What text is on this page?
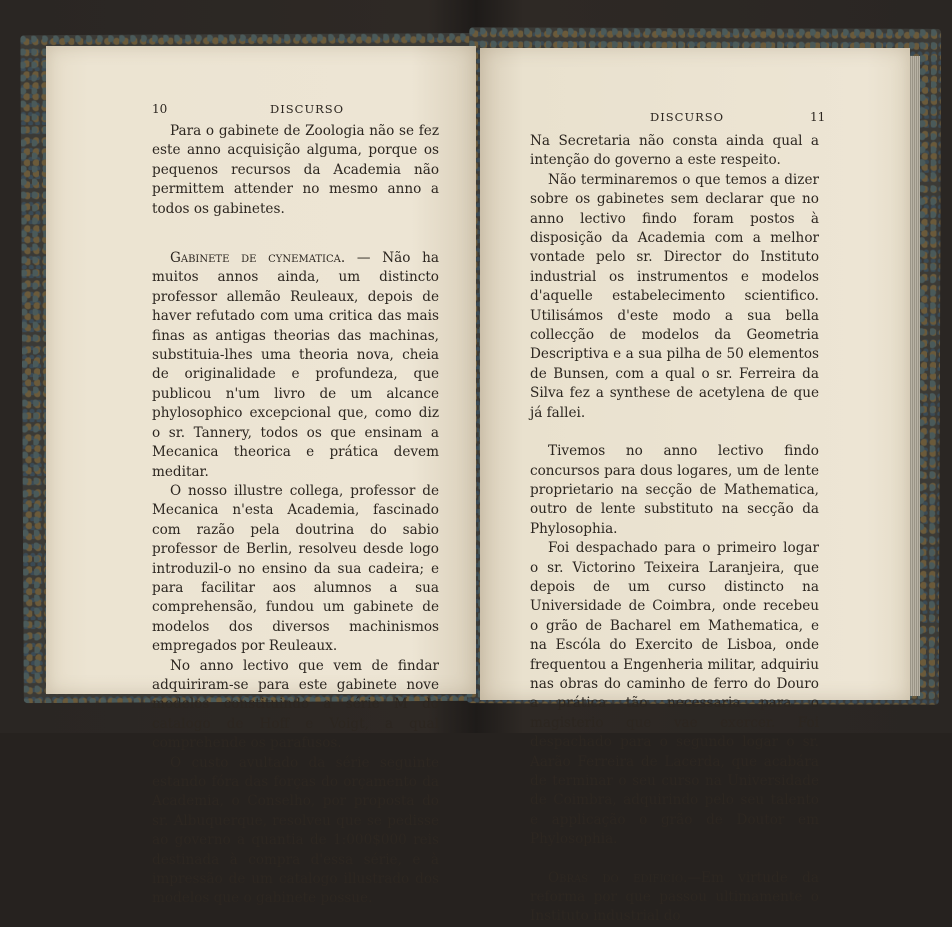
10	DISCURSO

Para o gabinete de Zoologia não se fez este anno acquisição alguma, porque os pequenos recursos da Academia não permittem attender no mesmo anno a todos os gabinetes.

Gabinete de cynematica. — Não ha muitos annos ainda, um distincto professor allemão Reuleaux, depois de haver refutado com uma critica das mais finas as antigas theorias das machinas, substituia-lhes uma theoria nova, cheia de originalidade e profundeza, que publicou n'um livro de um alcance phylosophico excepcional que, como diz o sr. Tannery, todos os que ensinam a Mecanica theorica e prática devem meditar.

O nosso illustre collega, professor de Mecanica n'esta Academia, fascinado com razão pela doutrina do sabio professor de Berlin, resolveu desde logo introduzil-o no ensino da sua cadeira; e para facilitar aos alumnos a sua comprehensão, fundou um gabinete de modelos dos diversos machinismos empregados por Reuleaux.

No anno lectivo que vem de findar adquiriram-se para este gabinete nove modelos constituindo a série M do catalogo de Hoff e Voigt, a qual comprehende os parafusos.

O custo avultado da série seguinte estando fóra das forças do orçamento da Academia, o Conselho, por proposta do sr. Albuquerque, resolveu que se pedisse ao governo a quantia de 1:000$000 reis destinada à compra d'essa série, e à impressão de um catalogo illustrado dos modelos que o gabinete possue.

DISCURSO	11

Na Secretaria não consta ainda qual a intenção do governo a este respeito.

Não terminaremos o que temos a dizer sobre os gabinetes sem declarar que no anno lectivo findo foram postos à disposição da Academia com a melhor vontade pelo sr. Director do Instituto industrial os instrumentos e modelos d'aquelle estabelecimento scientifico. Utilisámos d'este modo a sua bella collecção de modelos da Geometria Descriptiva e a sua pilha de 50 elementos de Bunsen, com a qual o sr. Ferreira da Silva fez a synthese de acetylena de que já fallei.

Tivemos no anno lectivo findo concursos para dous logares, um de lente proprietario na secção de Mathematica, outro de lente substituto na secção da Phylosophia.

Foi despachado para o primeiro logar o sr. Victorino Teixeira Laranjeira, que depois de um curso distincto na Universidade de Coimbra, onde recebeu o grão de Bacharel em Mathematica, e na Escóla do Exercito de Lisboa, onde frequentou a Engenheria militar, adquiriu nas obras do caminho de ferro do Douro a prática tão necessaria para o magisterio que vae exercer. Foi despachado para o segundo logar o sr. Aarão Ferreira de Lacerda, que acabára de terminar o seu curso na Universidade de Coimbra, adquirindo pelo seu talento e applicação o grão de Doutor em Phylosophia.

Obras do edificio.—Em virtude da reforma por que passou ultimamente o Instituto industrial do
